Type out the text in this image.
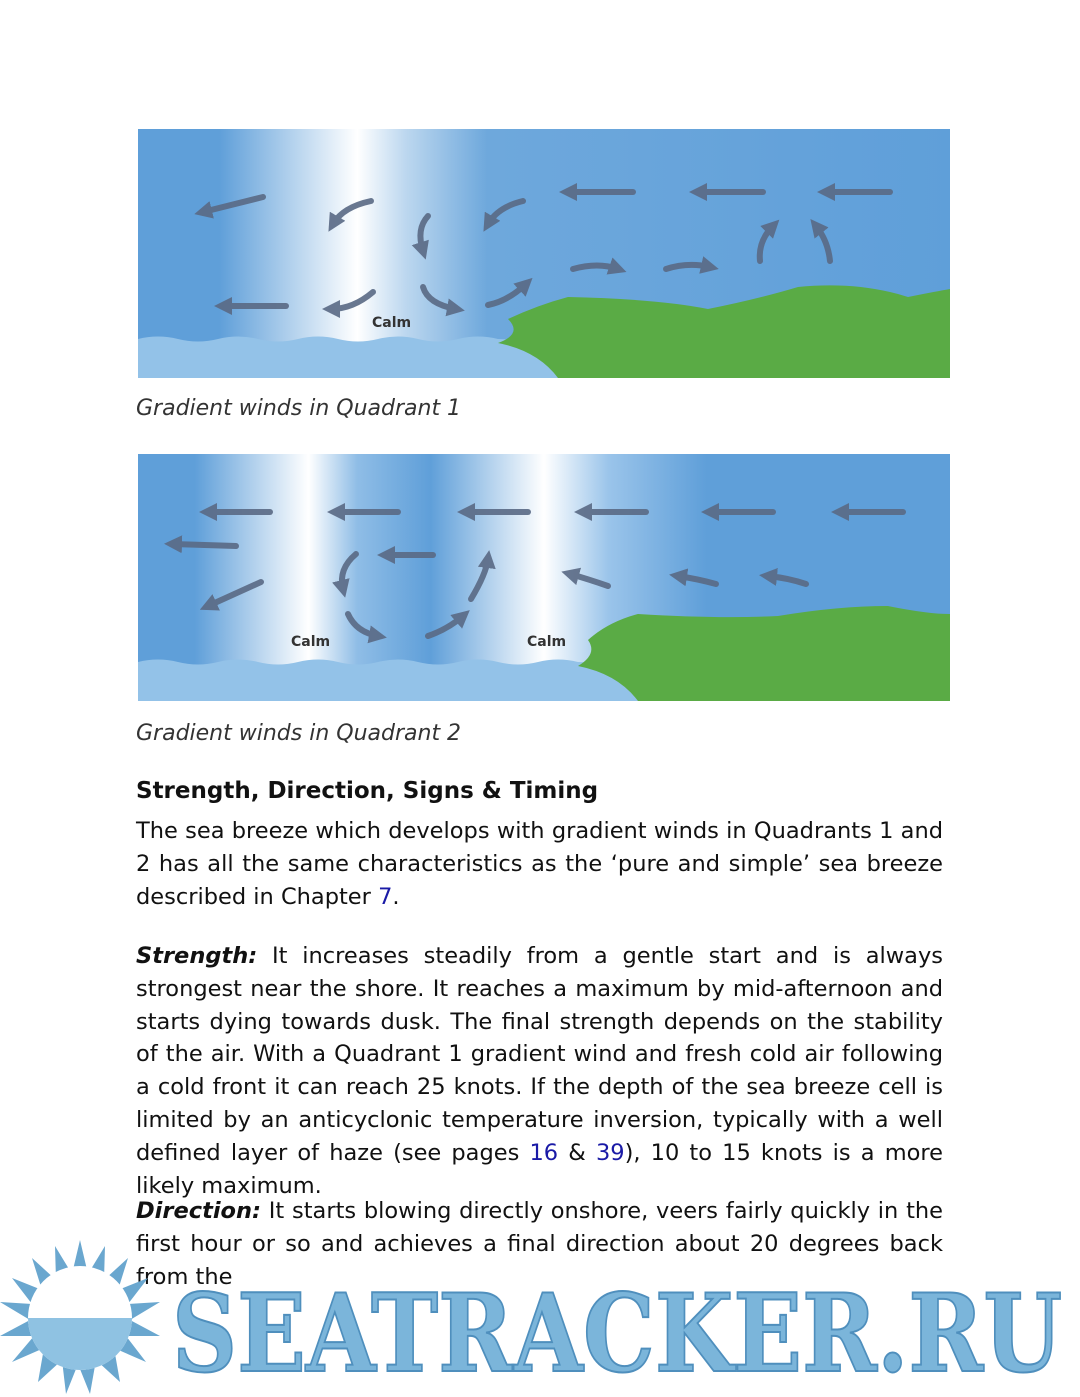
Calm
Gradient winds in Quadrant 1
Calm	Calm
Gradient winds in Quadrant 2
Strength, Direction, Signs & Timing
The sea breeze which develops with gradient winds in Quadrants 1 and 2 has all the same characteristics as the ‘pure and simple’ sea breeze described in Chapter 7.
Strength: It increases steadily from a gentle start and is always strongest near the shore. It reaches a maximum by mid-afternoon and starts dying towards dusk. The final strength depends on the stability of the air. With a Quadrant 1 gradient wind and fresh cold air following a cold front it can reach 25 knots. If the depth of the sea breeze cell is limited by an anticyclonic temperature inversion, typically with a well defined layer of haze (see pages 16 & 39), 10 to 15 knots is a more likely maximum.
Direction: It starts blowing directly onshore, veers fairly quickly in the first hour or so and achieves a final direction about 20 degrees back from the
SEATRACKER.RU
